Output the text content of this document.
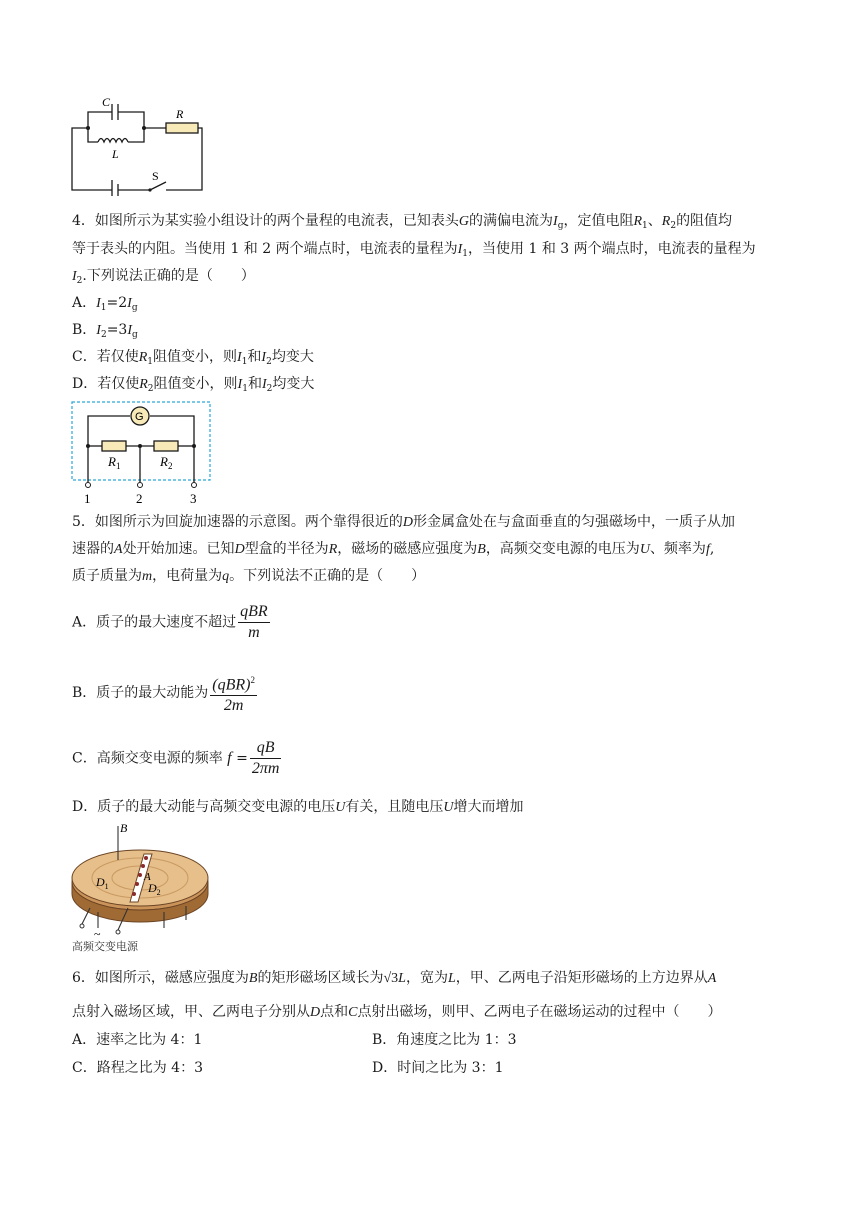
C
R
L
S
4．如图所示为某实验小组设计的两个量程的电流表，已知表头G的满偏电流为$I_g$，定值电阻$R_1$、$R_2$的阻值均
等于表头的内阻。当使用 1 和 2 两个端点时，电流表的量程为$I_1$，当使用 1 和 3 两个端点时，电流表的量程为
$I_2$.下列说法正确的是（　　）
A．$I_1=2I_g$
B．$I_2=3I_g$
C．若仅使$R_1$阻值变小，则$I_1$和$I_2$均变大
D．若仅使$R_2$阻值变小，则$I_1$和$I_2$均变大
G
$R_1$	$R_2$
1	2	3
5．如图所示为回旋加速器的示意图。两个靠得很近的D形金属盒处在与盒面垂直的匀强磁场中，一质子从加
速器的A处开始加速。已知D型盒的半径为R，磁场的磁感应强度为B，高频交变电源的电压为U、频率为f,
质子质量为m，电荷量为q。下列说法不正确的是（　　）
A．质子的最大速度不超过 $\frac{\text{qBR}}{m}$
B．质子的最大动能为 $\frac{(qBR)^2}{2m}$
C．高频交变电源的频率 $f = \frac{qB}{2\pi m}$
D．质子的最大动能与高频交变电源的电压U有关，且随电压U增大而增加
B
$D_1$	$D_2$
A
~
高频交变电源
6．如图所示，磁感应强度为B的矩形磁场区域长为√3L，宽为L，甲、乙两电子沿矩形磁场的上方边界从A
点射入磁场区域，甲、乙两电子分别从D点和C点射出磁场，则甲、乙两电子在磁场运动的过程中（　　）
A．速率之比为 4：1	B．角速度之比为 1：3
C．路程之比为 4：3	D．时间之比为 3：1
